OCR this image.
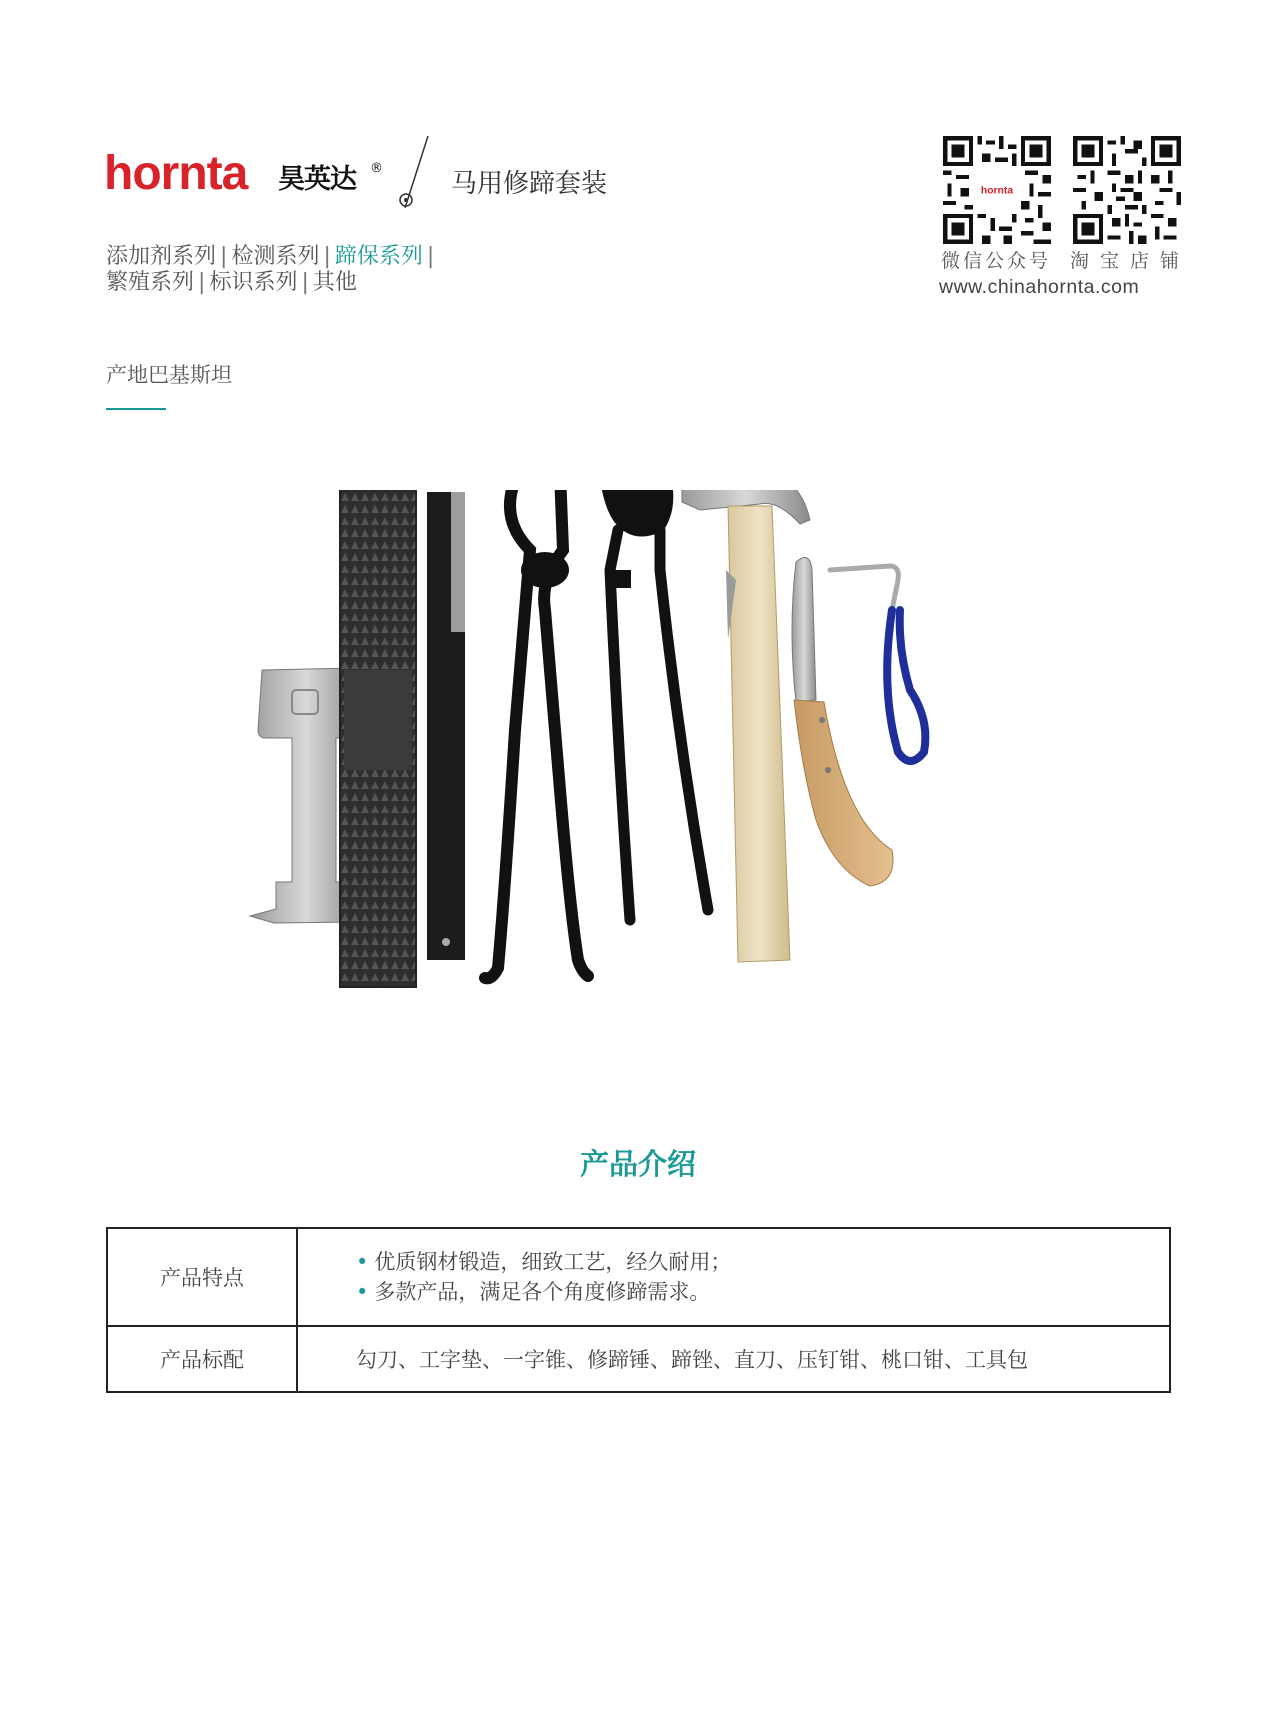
hornta 昊英达 ®
马用修蹄套装
添加剂系列 | 检测系列 | 蹄保系列 |
繁殖系列 | 标识系列 | 其他
hornta
微信公众号 淘宝店铺
www.chinahornta.com
产地巴基斯坦
产品介绍
产品特点	• 优质钢材锻造，细致工艺，经久耐用；
• 多款产品，满足各个角度修蹄需求。

产品标配	勾刀、工字垫、一字锥、修蹄锤、蹄锉、直刀、压钉钳、桃口钳、工具包
